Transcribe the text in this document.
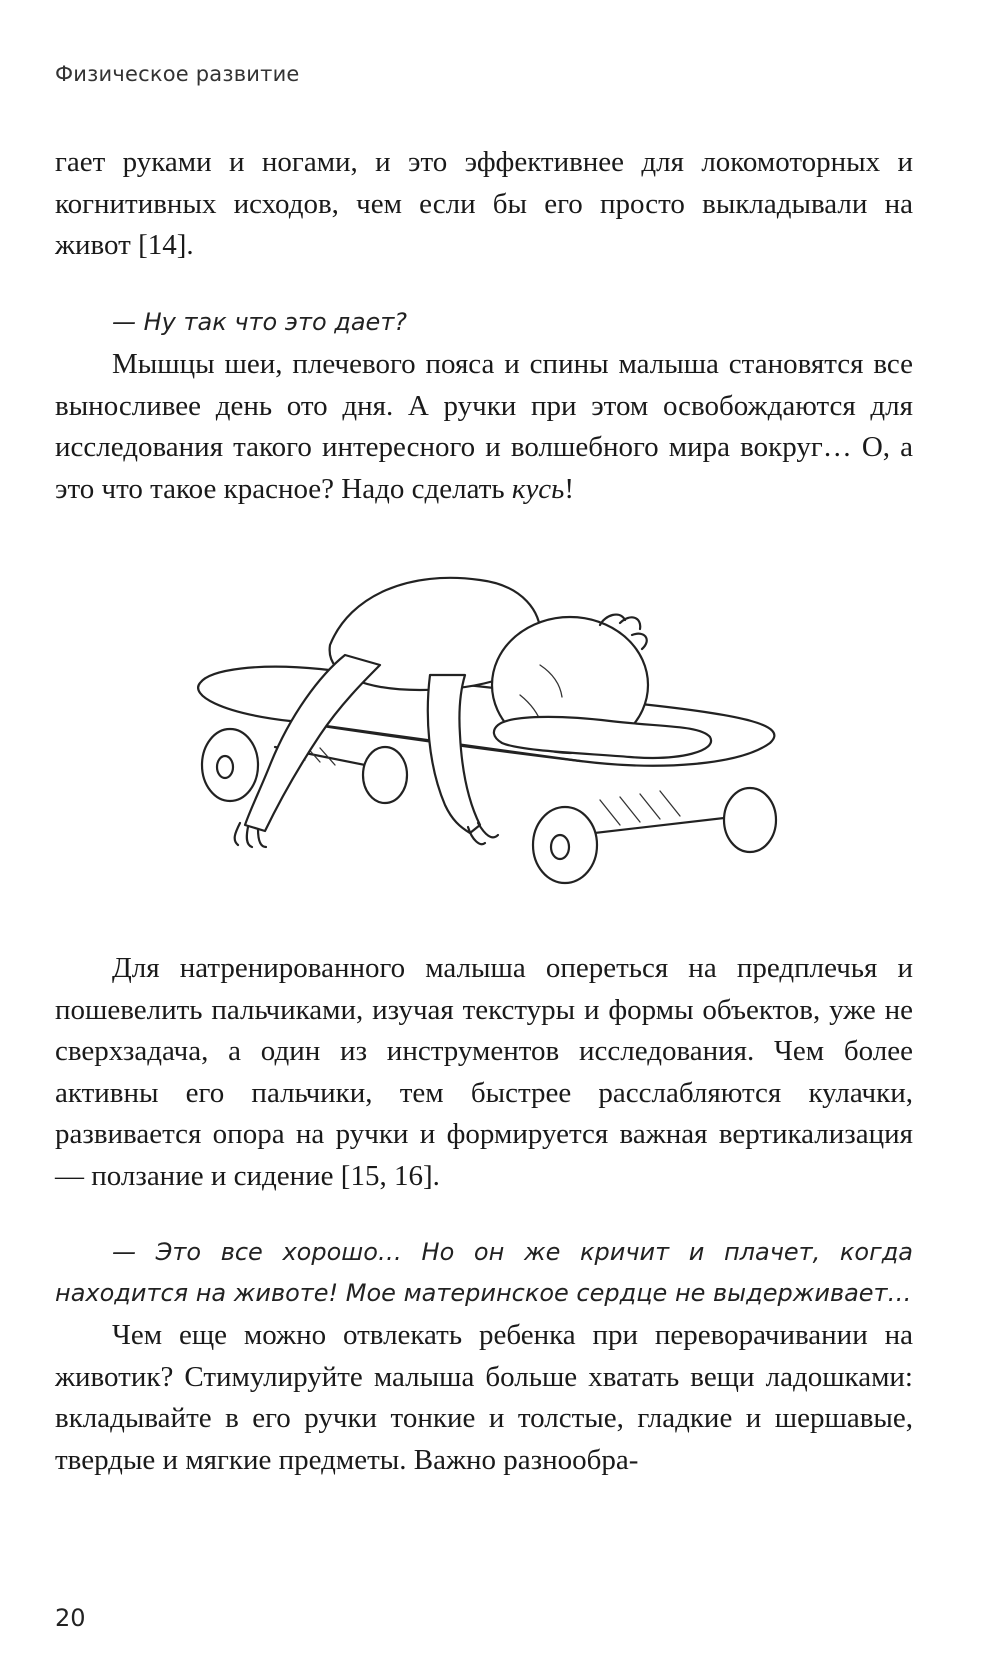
Физическое развитие

гает руками и ногами, и это эффективнее для локомоторных и когнитивных исходов, чем если бы его просто выкладывали на живот [14].

— Ну так что это дает?

Мышцы шеи, плечевого пояса и спины малыша становятся все выносливее день ото дня. А ручки при этом освобождаются для исследования такого интересного и волшебного мира вокруг… О, а это что такое красное? Надо сделать кусь!

Для натренированного малыша опереться на предплечья и пошевелить пальчиками, изучая текстуры и формы объектов, уже не сверхзадача, а один из инструментов исследования. Чем более активны его пальчики, тем быстрее расслабляются кулачки, развивается опора на ручки и формируется важная вертикализация — ползание и сидение [15, 16].

— Это все хорошо… Но он же кричит и плачет, когда находится на животе! Мое материнское сердце не выдерживает…

Чем еще можно отвлекать ребенка при переворачивании на животик? Стимулируйте малыша больше хватать вещи ладошками: вкладывайте в его ручки тонкие и толстые, гладкие и шершавые, твердые и мягкие предметы. Важно разнообра-

20
